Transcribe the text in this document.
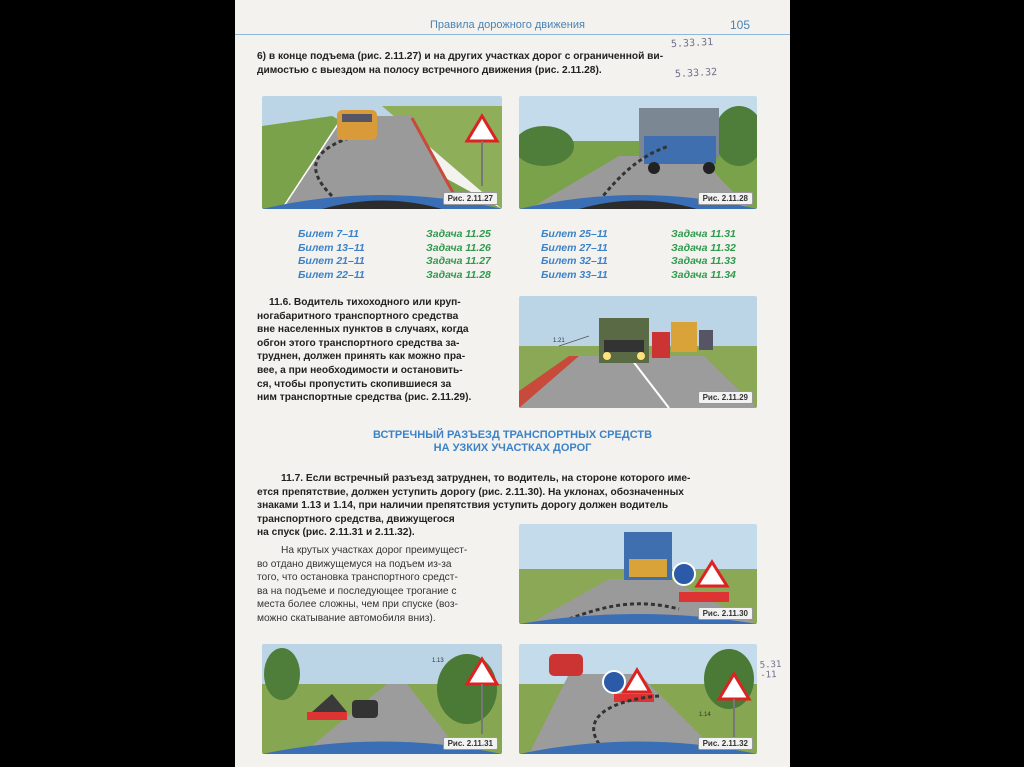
Правила дорожного движения	105
5.33.31
5.33.32
6) в конце подъема (рис. 2.11.27) и на других участках дорог с ограниченной ви-
димостью с выездом на полосу встречного движения (рис. 2.11.28).
Рис. 2.11.27	Рис. 2.11.28
Билет 7–11	Задача 11.25
Билет 13–11	Задача 11.26
Билет 21–11	Задача 11.27
Билет 22–11	Задача 11.28
Билет 25–11	Задача 11.31
Билет 27–11	Задача 11.32
Билет 32–11	Задача 11.33
Билет 33–11	Задача 11.34
11.6. Водитель тихоходного или круп-
ногабаритного транспортного средства
вне населенных пунктов в случаях, когда
обгон этого транспортного средства за-
труднен, должен принять как можно пра-
вее, а при необходимости и остановить-
ся, чтобы пропустить скопившиеся за
ним транспортные средства (рис. 2.11.29).
1.21
Рис. 2.11.29
ВСТРЕЧНЫЙ РАЗЪЕЗД ТРАНСПОРТНЫХ СРЕДСТВ
НА УЗКИХ УЧАСТКАХ ДОРОГ
11.7. Если встречный разъезд затруднен, то водитель, на стороне которого име-
ется препятствие, должен уступить дорогу (рис. 2.11.30). На уклонах, обозначенных
знаками 1.13 и 1.14, при наличии препятствия уступить дорогу должен водитель
транспортного средства, движущегося
на спуск (рис. 2.11.31 и 2.11.32).
На крутых участках дорог преимущест-
во отдано движущемуся на подъем из-за
того, что остановка транспортного средст-
ва на подъеме и последующее трогание с
места более сложны, чем при спуске (воз-
можно скатывание автомобиля вниз).	Рис. 2.11.30
1.13
Рис. 2.11.31
1.14
Рис. 2.11.32
5.31 -11
